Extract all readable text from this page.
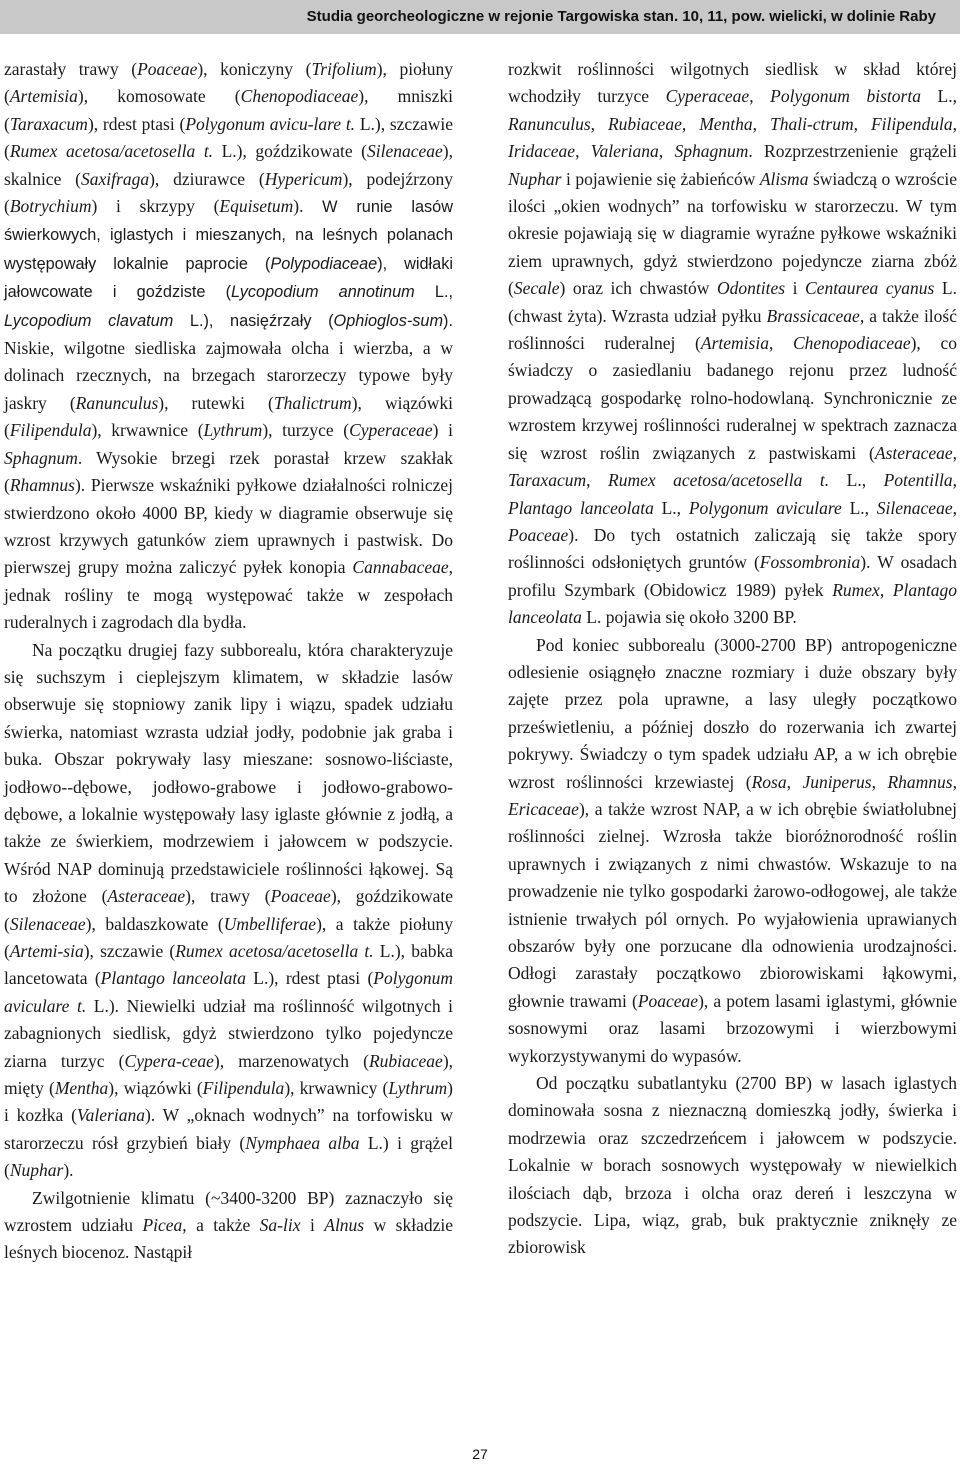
Studia georcheologiczne w rejonie Targowiska stan. 10, 11, pow. wielicki, w dolinie Raby

zarastały trawy (Poaceae), koniczyny (Trifolium), piołuny (Artemisia), komosowate (Chenopodiaceae), mniszki (Taraxacum), rdest ptasi (Polygonum avicu-lare t. L.), szczawie (Rumex acetosa/acetosella t. L.), goździkowate (Silenaceae), skalnice (Saxifraga), dziurawce (Hypericum), podejźrzony (Botrychium) i skrzypy (Equisetum). W runie lasów świerkowych, iglastych i mieszanych, na leśnych polanach występowały lokalnie paprocie (Polypodiaceae), widłaki jałowcowate i goździste (Lycopodium annotinum L., Lycopodium clavatum L.), nasięźrzały (Ophioglos-sum). Niskie, wilgotne siedliska zajmowała olcha i wierzba, a w dolinach rzecznych, na brzegach starorzeczy typowe były jaskry (Ranunculus), rutewki (Thalictrum), wiązówki (Filipendula), krwawnice (Lythrum), turzyce (Cyperaceae) i Sphagnum. Wysokie brzegi rzek porastał krzew szakłak (Rhamnus). Pierwsze wskaźniki pyłkowe działalności rolniczej stwierdzono około 4000 BP, kiedy w diagramie obserwuje się wzrost krzywych gatunków ziem uprawnych i pastwisk. Do pierwszej grupy można zaliczyć pyłek konopia Cannabaceae, jednak rośliny te mogą występować także w zespołach ruderalnych i zagrodach dla bydła.

Na początku drugiej fazy subborealu, która charakteryzuje się suchszym i cieplejszym klimatem, w składzie lasów obserwuje się stopniowy zanik lipy i wiązu, spadek udziału świerka, natomiast wzrasta udział jodły, podobnie jak graba i buka. Obszar pokrywały lasy mieszane: sosnowo-liściaste, jodłowo--dębowe, jodłowo-grabowe i jodłowo-grabowo-dębowe, a lokalnie występowały lasy iglaste głównie z jodłą, a także ze świerkiem, modrzewiem i jałowcem w podszycie. Wśród NAP dominują przedstawiciele roślinności łąkowej. Są to złożone (Asteraceae), trawy (Poaceae), goździkowate (Silenaceae), baldaszkowate (Umbelliferae), a także piołuny (Artemi-sia), szczawie (Rumex acetosa/acetosella t. L.), babka lancetowata (Plantago lanceolata L.), rdest ptasi (Polygonum aviculare t. L.). Niewielki udział ma roślinność wilgotnych i zabagnionych siedlisk, gdyż stwierdzono tylko pojedyncze ziarna turzyc (Cypera-ceae), marzenowatych (Rubiaceae), mięty (Mentha), wiązówki (Filipendula), krwawnicy (Lythrum) i kozłka (Valeriana). W „oknach wodnych” na torfowisku w starorzeczu rósł grzybień biały (Nymphaea alba L.) i grążel (Nuphar).

Zwilgotnienie klimatu (~3400-3200 BP) zaznaczyło się wzrostem udziału Picea, a także Sa-lix i Alnus w składzie leśnych biocenoz. Nastąpił

rozkwit roślinności wilgotnych siedlisk w skład której wchodziły turzyce Cyperaceae, Polygonum bistorta L., Ranunculus, Rubiaceae, Mentha, Thali-ctrum, Filipendula, Iridaceae, Valeriana, Sphagnum. Rozprzestrzenienie grążeli Nuphar i pojawienie się żabieńców Alisma świadczą o wzroście ilości „okien wodnych” na torfowisku w starorzeczu. W tym okresie pojawiają się w diagramie wyraźne pyłkowe wskaźniki ziem uprawnych, gdyż stwierdzono pojedyncze ziarna zbóż (Secale) oraz ich chwastów Odontites i Centaurea cyanus L. (chwast żyta). Wzrasta udział pyłku Brassicaceae, a także ilość roślinności ruderalnej (Artemisia, Chenopodiaceae), co świadczy o zasiedlaniu badanego rejonu przez ludność prowadzącą gospodarkę rolno-hodowlaną. Synchronicznie ze wzrostem krzywej roślinności ruderalnej w spektrach zaznacza się wzrost roślin związanych z pastwiskami (Asteraceae, Taraxacum, Rumex acetosa/acetosella t. L., Potentilla, Plantago lanceolata L., Polygonum aviculare L., Silenaceae, Poaceae). Do tych ostatnich zaliczają się także spory roślinności odsłoniętych gruntów (Fossombronia). W osadach profilu Szymbark (Obidowicz 1989) pyłek Rumex, Plantago lanceolata L. pojawia się około 3200 BP.

Pod koniec subborealu (3000-2700 BP) antropogeniczne odlesienie osiągnęło znaczne rozmiary i duże obszary były zajęte przez pola uprawne, a lasy uległy początkowo prześwietleniu, a później doszło do rozerwania ich zwartej pokrywy. Świadczy o tym spadek udziału AP, a w ich obrębie wzrost roślinności krzewiastej (Rosa, Juniperus, Rhamnus, Ericaceae), a także wzrost NAP, a w ich obrębie światłolubnej roślinności zielnej. Wzrosła także bioróżnorodność roślin uprawnych i związanych z nimi chwastów. Wskazuje to na prowadzenie nie tylko gospodarki żarowo-odłogowej, ale także istnienie trwałych pól ornych. Po wyjałowienia uprawianych obszarów były one porzucane dla odnowienia urodzajności. Odłogi zarastały początkowo zbiorowiskami łąkowymi, głownie trawami (Poaceae), a potem lasami iglastymi, głównie sosnowymi oraz lasami brzozowymi i wierzbowymi wykorzystywanymi do wypasów.

Od początku subatlantyku (2700 BP) w lasach iglastych dominowała sosna z nieznaczną domieszką jodły, świerka i modrzewia oraz szczedrzeńcem i jałowcem w podszycie. Lokalnie w borach sosnowych występowały w niewielkich ilościach dąb, brzoza i olcha oraz dereń i leszczyna w podszycie. Lipa, wiąz, grab, buk praktycznie zniknęły ze zbiorowisk

27
